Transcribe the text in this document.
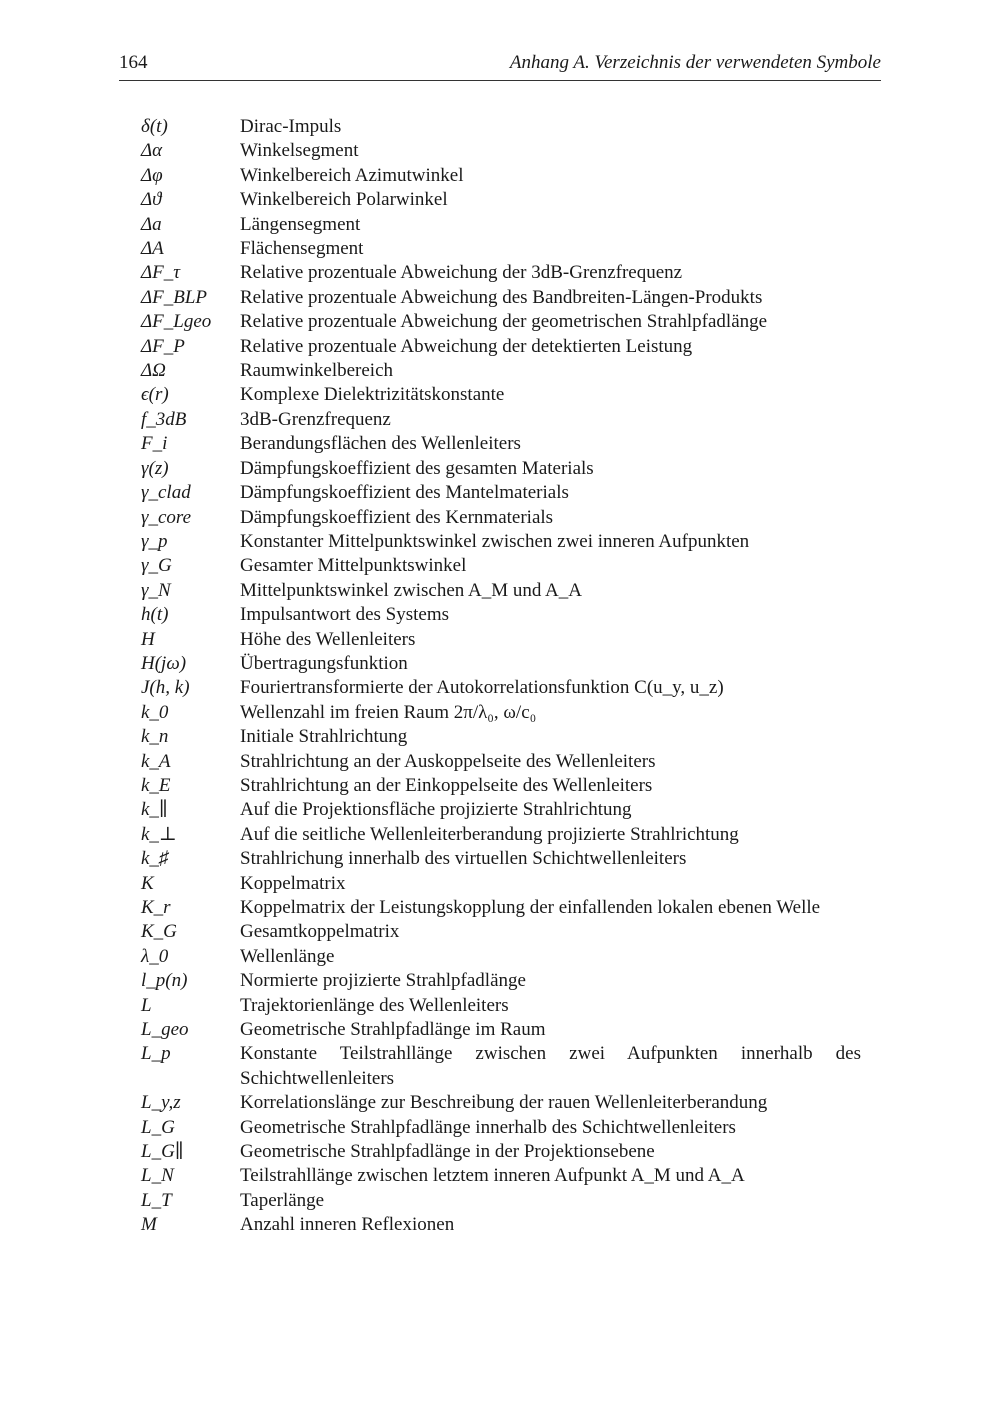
164	Anhang A. Verzeichnis der verwendeten Symbole
δ(t)	Dirac-Impuls
Δα	Winkelsegment
Δφ	Winkelbereich Azimutwinkel
Δϑ	Winkelbereich Polarwinkel
Δa	Längensegment
ΔA	Flächensegment
ΔF_τ	Relative prozentuale Abweichung der 3dB-Grenzfrequenz
ΔF_BLP	Relative prozentuale Abweichung des Bandbreiten-Längen-Produkts
ΔF_Lgeo	Relative prozentuale Abweichung der geometrischen Strahlpfadlänge
ΔF_P	Relative prozentuale Abweichung der detektierten Leistung
ΔΩ	Raumwinkelbereich
ϵ(r)	Komplexe Dielektrizitätskonstante
f_3dB	3dB-Grenzfrequenz
F_i	Berandungsflächen des Wellenleiters
γ(z)	Dämpfungskoeffizient des gesamten Materials
γ_clad	Dämpfungskoeffizient des Mantelmaterials
γ_core	Dämpfungskoeffizient des Kernmaterials
γ_p	Konstanter Mittelpunktswinkel zwischen zwei inneren Aufpunkten
γ_G	Gesamter Mittelpunktswinkel
γ_N	Mittelpunktswinkel zwischen A_M und A_A
h(t)	Impulsantwort des Systems
H	Höhe des Wellenleiters
H(jω)	Übertragungsfunktion
J(h, k)	Fouriertransformierte der Autokorrelationsfunktion C(u_y, u_z)
k_0	Wellenzahl im freien Raum 2π/λ₀, ω/c₀
k_n	Initiale Strahlrichtung
k_A	Strahlrichtung an der Auskoppelseite des Wellenleiters
k_E	Strahlrichtung an der Einkoppelseite des Wellenleiters
k_∥	Auf die Projektionsfläche projizierte Strahlrichtung
k_⊥	Auf die seitliche Wellenleiterberandung projizierte Strahlrichtung
k_♯	Strahlrichung innerhalb des virtuellen Schichtwellenleiters
K	Koppelmatrix
K_r	Koppelmatrix der Leistungskopplung der einfallenden lokalen ebenen Welle
K_G	Gesamtkoppelmatrix
λ_0	Wellenlänge
l_p(n)	Normierte projizierte Strahlpfadlänge
L	Trajektorienlänge des Wellenleiters
L_geo	Geometrische Strahlpfadlänge im Raum
L_p	Konstante Teilstrahllänge zwischen zwei Aufpunkten innerhalb des Schichtwellenleiters
L_y,z	Korrelationslänge zur Beschreibung der rauen Wellenleiterberandung
L_G	Geometrische Strahlpfadlänge innerhalb des Schichtwellenleiters
L_G∥	Geometrische Strahlpfadlänge in der Projektionsebene
L_N	Teilstrahllänge zwischen letztem inneren Aufpunkt A_M und A_A
L_T	Taperlänge
M	Anzahl inneren Reflexionen
